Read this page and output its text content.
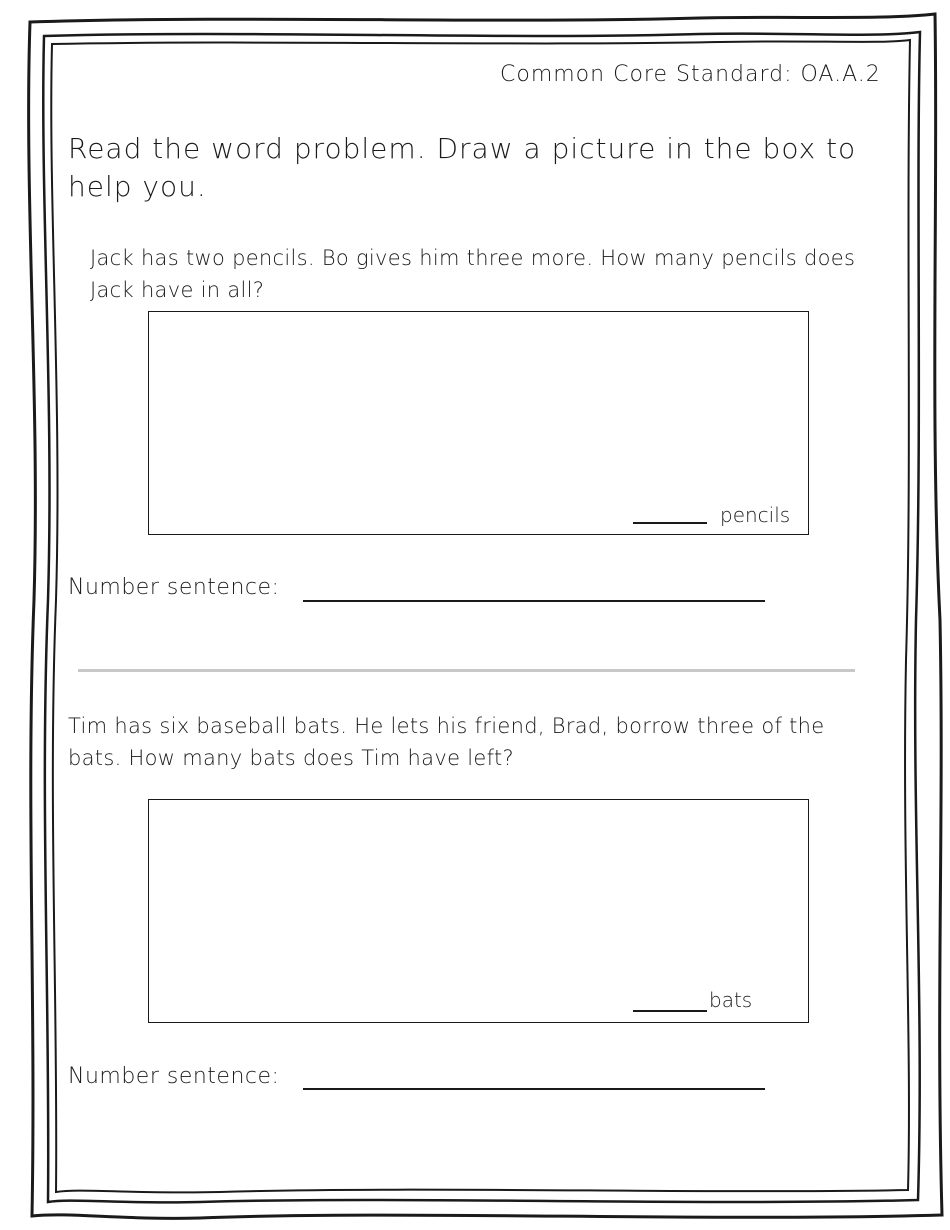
Common Core Standard: OA.A.2

Read the word problem. Draw a picture in the box to help you.

Jack has two pencils. Bo gives him three more. How many pencils does Jack have in all?

pencils

Number sentence:

Tim has six baseball bats. He lets his friend, Brad, borrow three of the bats. How many bats does Tim have left?

bats

Number sentence:
